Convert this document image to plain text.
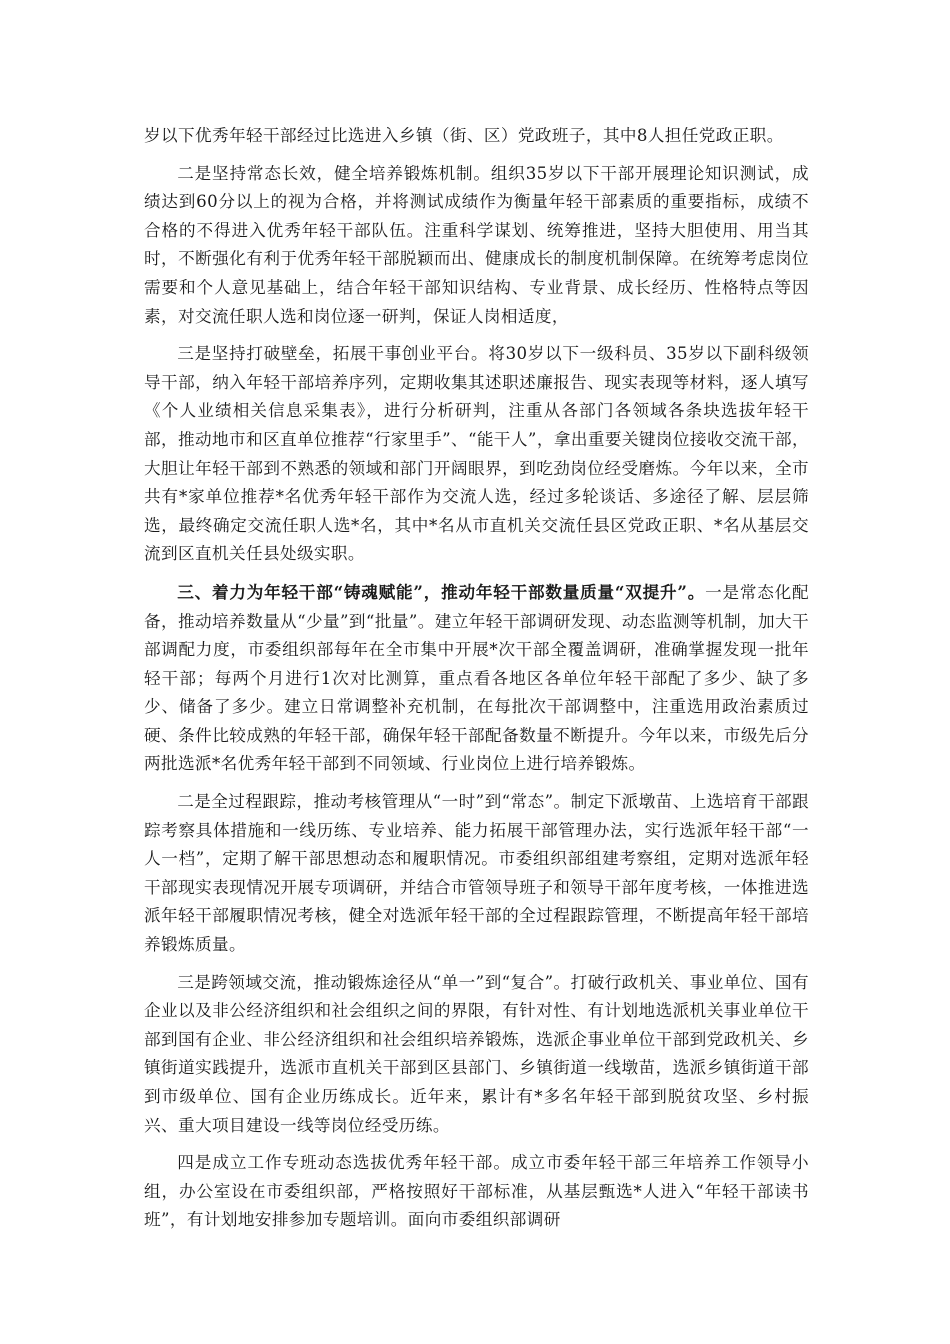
岁以下优秀年轻干部经过比选进入乡镇（街、区）党政班子，其中8人担任党政正职。

二是坚持常态长效，健全培养锻炼机制。组织35岁以下干部开展理论知识测试，成绩达到60分以上的视为合格，并将测试成绩作为衡量年轻干部素质的重要指标，成绩不合格的不得进入优秀年轻干部队伍。注重科学谋划、统筹推进，坚持大胆使用、用当其时，不断强化有利于优秀年轻干部脱颖而出、健康成长的制度机制保障。在统筹考虑岗位需要和个人意见基础上，结合年轻干部知识结构、专业背景、成长经历、性格特点等因素，对交流任职人选和岗位逐一研判，保证人岗相适度，

三是坚持打破壁垒，拓展干事创业平台。将30岁以下一级科员、35岁以下副科级领导干部，纳入年轻干部培养序列，定期收集其述职述廉报告、现实表现等材料，逐人填写《个人业绩相关信息采集表》，进行分析研判，注重从各部门各领域各条块选拔年轻干部，推动地市和区直单位推荐“行家里手”、“能干人”，拿出重要关键岗位接收交流干部，大胆让年轻干部到不熟悉的领域和部门开阔眼界，到吃劲岗位经受磨炼。今年以来，全市共有*家单位推荐*名优秀年轻干部作为交流人选，经过多轮谈话、多途径了解、层层筛选，最终确定交流任职人选*名，其中*名从市直机关交流任县区党政正职、*名从基层交流到区直机关任县处级实职。

三、着力为年轻干部“铸魂赋能”，推动年轻干部数量质量“双提升”。一是常态化配备，推动培养数量从“少量”到“批量”。建立年轻干部调研发现、动态监测等机制，加大干部调配力度，市委组织部每年在全市集中开展*次干部全覆盖调研，准确掌握发现一批年轻干部；每两个月进行1次对比测算，重点看各地区各单位年轻干部配了多少、缺了多少、储备了多少。建立日常调整补充机制，在每批次干部调整中，注重选用政治素质过硬、条件比较成熟的年轻干部，确保年轻干部配备数量不断提升。今年以来，市级先后分两批选派*名优秀年轻干部到不同领域、行业岗位上进行培养锻炼。

二是全过程跟踪，推动考核管理从“一时”到“常态”。制定下派墩苗、上选培育干部跟踪考察具体措施和一线历练、专业培养、能力拓展干部管理办法，实行选派年轻干部“一人一档”，定期了解干部思想动态和履职情况。市委组织部组建考察组，定期对选派年轻干部现实表现情况开展专项调研，并结合市管领导班子和领导干部年度考核，一体推进选派年轻干部履职情况考核，健全对选派年轻干部的全过程跟踪管理，不断提高年轻干部培养锻炼质量。

三是跨领域交流，推动锻炼途径从“单一”到“复合”。打破行政机关、事业单位、国有企业以及非公经济组织和社会组织之间的界限，有针对性、有计划地选派机关事业单位干部到国有企业、非公经济组织和社会组织培养锻炼，选派企事业单位干部到党政机关、乡镇街道实践提升，选派市直机关干部到区县部门、乡镇街道一线墩苗，选派乡镇街道干部到市级单位、国有企业历练成长。近年来，累计有*多名年轻干部到脱贫攻坚、乡村振兴、重大项目建设一线等岗位经受历练。

四是成立工作专班动态选拔优秀年轻干部。成立市委年轻干部三年培养工作领导小组，办公室设在市委组织部，严格按照好干部标准，从基层甄选*人进入“年轻干部读书班”，有计划地安排参加专题培训。面向市委组织部调研
